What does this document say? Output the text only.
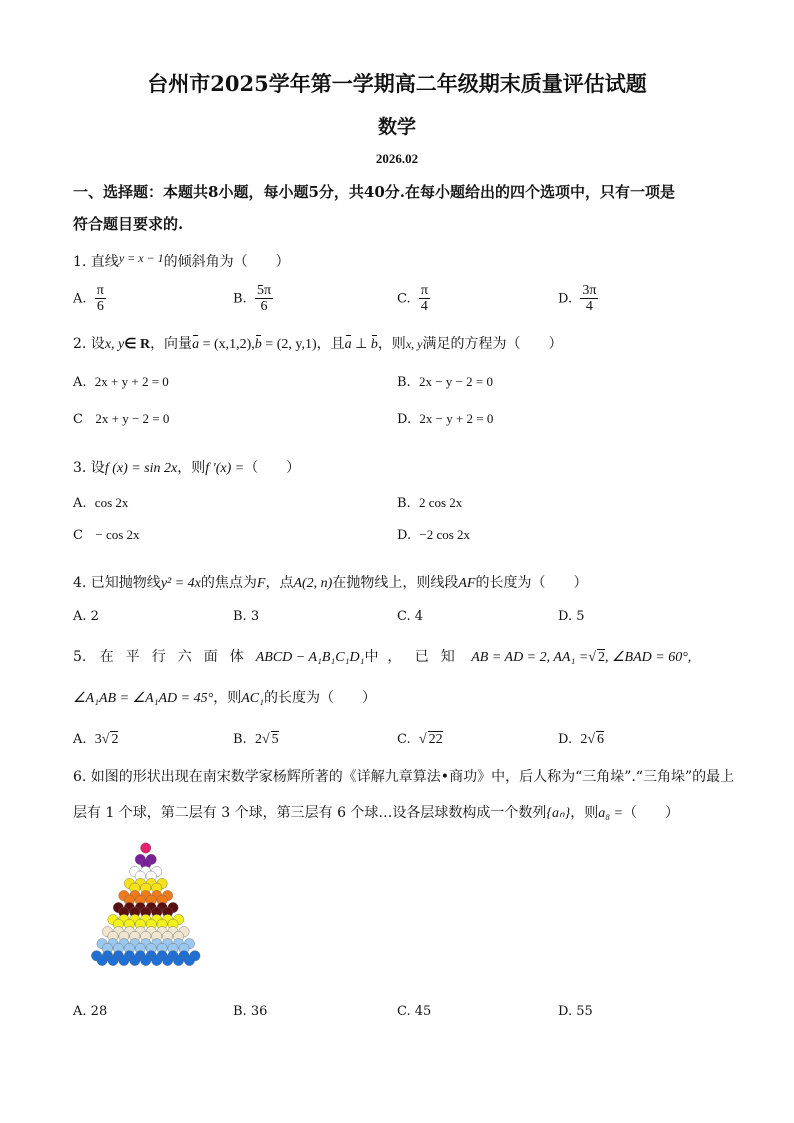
台州市2025学年第一学期高二年级期末质量评估试题
数学
2026.02
一、选择题：本题共8小题，每小题5分，共40分.在每小题给出的四个选项中，只有一项是
符合题目要求的.
1. 直线y = x − 1的倾斜角为（　　）
A. $\frac{\pi}{6}$	B. $\frac{5\pi}{6}$	C. $\frac{\pi}{4}$	D. $\frac{3\pi}{4}$
2. 设x, y∈ R，向量a = (x,1,2),b = (2, y,1)，且a ⊥ b，则x, y满足的方程为（　　）
A. 2x + y + 2 = 0	B. 2x − y − 2 = 0
C 2x + y − 2 = 0	D. 2x − y + 2 = 0
3. 设f (x) = sin 2x，则f ′(x) =（　　）
A. cos 2x	B. 2 cos 2x
C − cos 2x	D. −2 cos 2x
4. 已知抛物线y² = 4x的焦点为F，点A(2, n)在抛物线上，则线段AF的长度为（　　）
A. 2	B. 3	C. 4	D. 5
5. 在平行六面体ABCD − A₁B₁C₁D₁中 ， 已知 AB = AD = 2, AA₁ =√ 2, ∠BAD = 60°,
∠A₁AB = ∠A₁AD = 45°，则AC₁的长度为（　　）
A. 3√ 2	B. 2√ 5	C. √ 22	D. 2√ 6
6. 如图的形状出现在南宋数学家杨辉所著的《详解九章算法•商功》中，后人称为“三角垛”.“三角垛”的最上
层有 1 个球，第二层有 3 个球，第三层有 6 个球…设各层球数构成一个数列{aₙ}，则a₈ =（　　）
A. 28	B. 36	C. 45	D. 55
